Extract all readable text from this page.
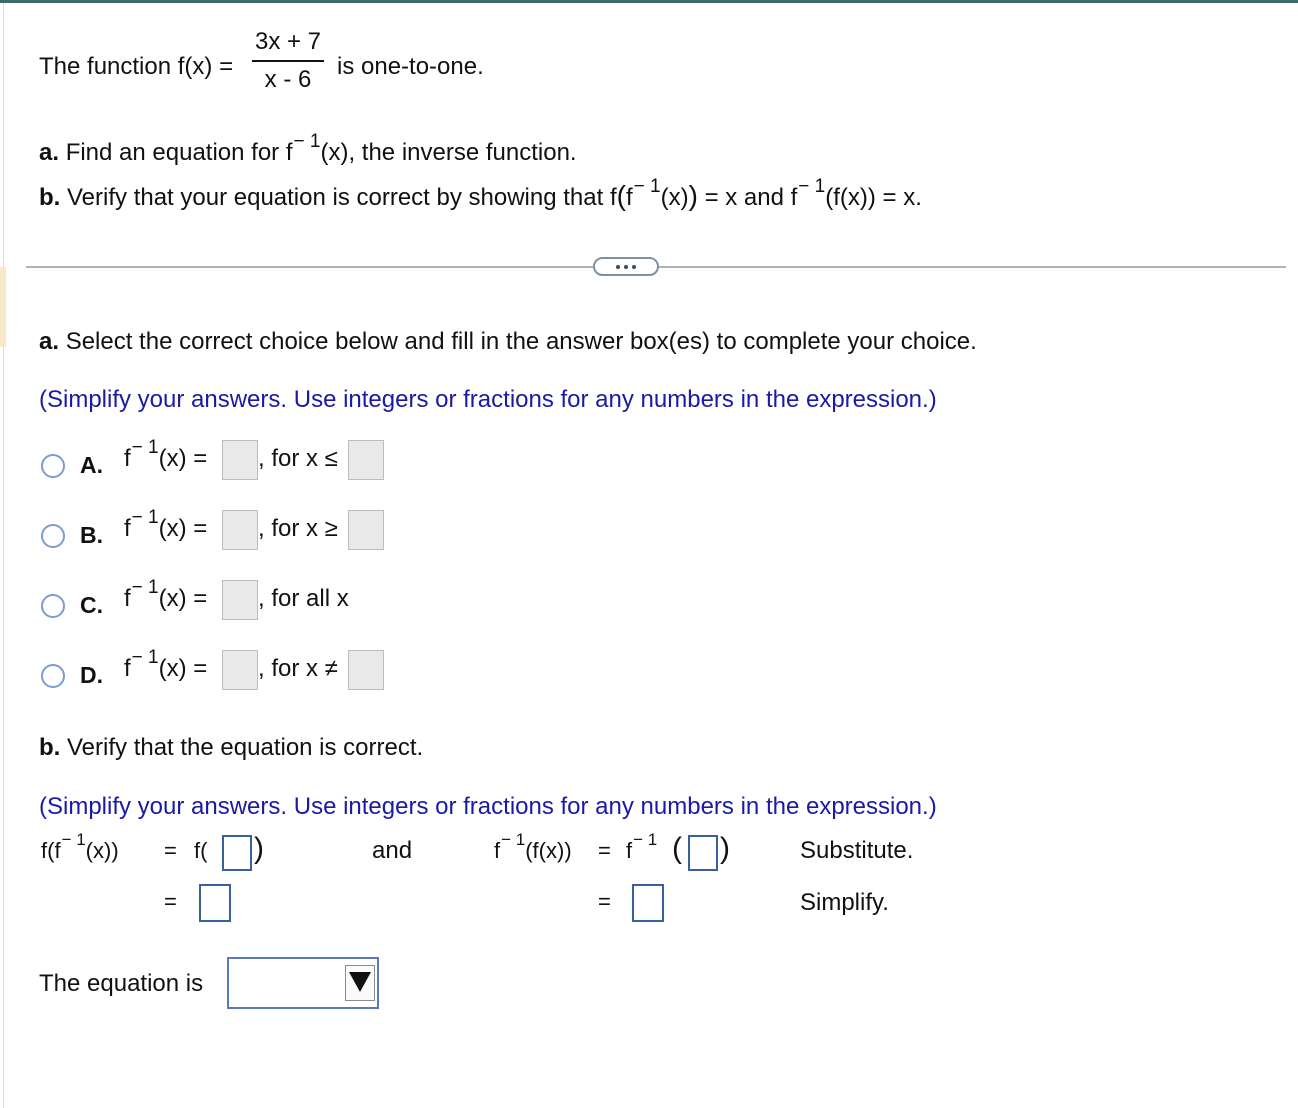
The function f(x) =
3x + 7
x - 6	is one-to-one.
a. Find an equation for $f^{- 1}(x)$, the inverse function.
b. Verify that your equation is correct by showing that $f(f^{- 1}(x)) = x$ and $f^{- 1}(f(x)) = x$.
a. Select the correct choice below and fill in the answer box(es) to complete your choice.
(Simplify your answers. Use integers or fractions for any numbers in the expression.)
A. $f^{- 1}(x)$ = , for x ≤
B. $f^{- 1}(x)$ = , for x ≥
C. $f^{- 1}(x)$ = , for all x
D. $f^{- 1}(x)$ = , for x ≠
b. Verify that the equation is correct.
(Simplify your answers. Use integers or fractions for any numbers in the expression.)
$f(f^{- 1}(x)) = f$( )
=
and	$f^{- 1}(f(x)) = f^{- 1}$ ( )
=
Substitute.
Simplify.
The equation is
